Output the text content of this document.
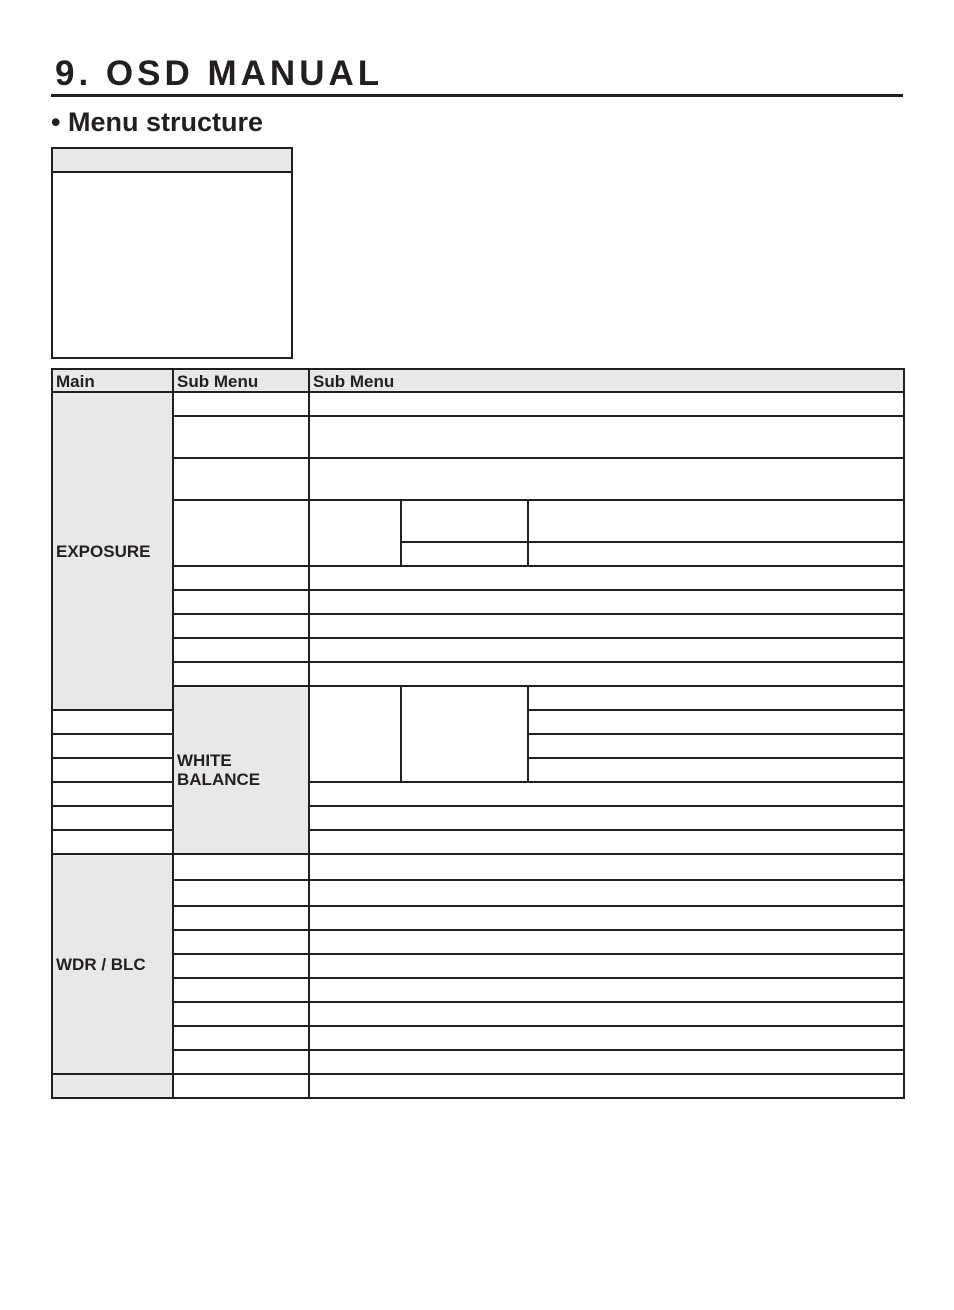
9. OSD MANUAL
• Menu structure
Main	Sub Menu	Sub Menu			

EXPOSURE					

	WHITE
BALANCE				

WDR / BLC					
